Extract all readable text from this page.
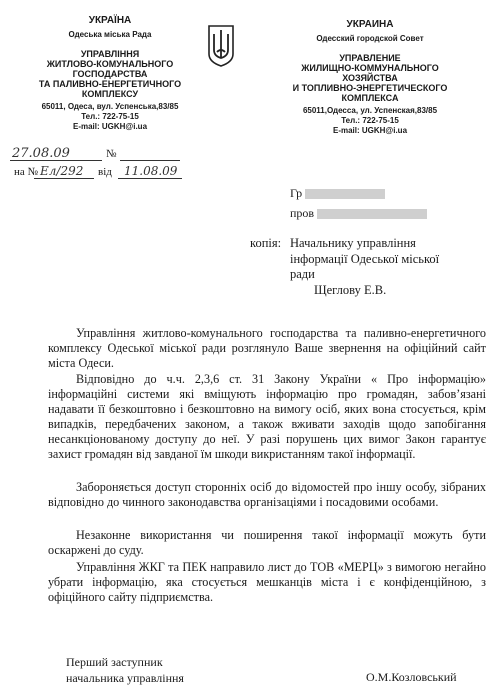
УКРАЇНА
Одеська міська Рада
УПРАВЛІННЯ
ЖИТЛОВО-КОМУНАЛЬНОГО
ГОСПОДАРСТВА
ТА ПАЛИВНО-ЕНЕРГЕТИЧНОГО
КОМПЛЕКСУ
65011, Одеса, вул. Успенська,83/85
Тел.: 722-75-15
E-mail: UGKH@i.ua
УКРАИНА
Одесский городской Совет
УПРАВЛЕНИЕ
ЖИЛИЩНО-КОММУНАЛЬНОГО
ХОЗЯЙСТВА
И ТОПЛИВНО-ЭНЕРГЕТИЧЕСКОГО
КОМПЛЕКСА
65011,Одесса, ул. Успенская,83/85
Тел.: 722-75-15
E-mail: UGKH@i.ua
27.08.09	№
на № Ел/292 від 11.08.09
Гр
пров
копія: Начальнику управління
інформації Одеської міської
ради
Щеглову Е.В.
Управління житлово-комунального господарства та паливно-енергетичного комплексу Одеської міської ради розглянуло Ваше звернення на офіційний сайт міста Одеси.
Відповідно до ч.ч. 2,3,6 ст. 31 Закону України « Про інформацію» інформаційні системи які вміщують інформацію про громадян, забов’язані надавати її безкоштовно і безкоштовно на вимогу осіб, яких вона стосується, крім випадків, передбачених законом, а також вживати заходів щодо запобігання несанкціонованому доступу до неї. У разі порушень цих вимог Закон гарантує захист громадян від завданої їм шкоди викристанням такої інформації.
Забороняється доступ сторонніх осіб до відомостей про іншу особу, зібраних відповідно до чинного законодавства організаціями і посадовими особами.
Незаконне використання чи поширення такої інформації можуть бути оскаржені до суду.
Управління ЖКГ та ПЕК направило лист до ТОВ «МЕРЦ» з вимогою негайно убрати інформацію, яка стосується мешканців міста і є конфіденційною, з офіційного сайту підприємства.
Перший заступник
начальника управління	О.М.Козловський
